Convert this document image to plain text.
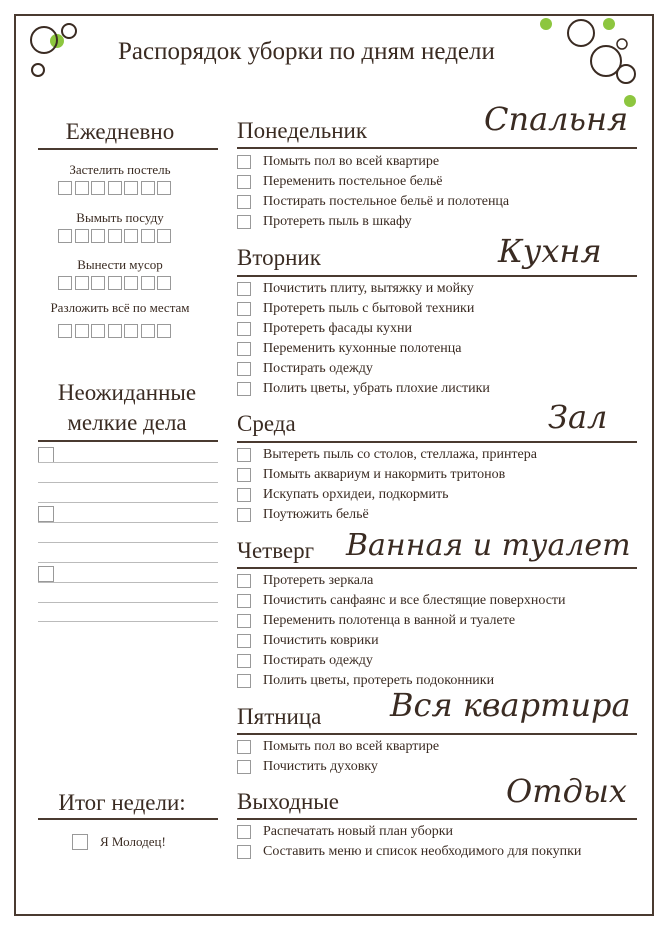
Распорядок уборки по дням недели
Ежедневно
Застелить постель
Вымыть посуду
Вынести мусор
Разложить всё по местам
Неожиданные мелкие дела
Итог недели:
Я Молодец!
Понедельник	Спальня
Помыть пол во всей квартире
Переменить постельное бельё
Постирать постельное бельё и полотенца
Протереть пыль в шкафу
Вторник	Кухня
Почистить плиту, вытяжку и мойку
Протереть пыль с бытовой техники
Протереть фасады кухни
Переменить кухонные полотенца
Постирать одежду
Полить цветы, убрать плохие листики
Среда	Зал
Вытереть пыль со столов, стеллажа, принтера
Помыть аквариум и накормить тритонов
Искупать орхидеи, подкормить
Поутюжить бельё
Четверг Ванная и туалет
Протереть зеркала
Почистить санфаянс и все блестящие поверхности
Переменить полотенца в ванной и туалете
Почистить коврики
Постирать одежду
Полить цветы, протереть подоконники
Пятница Вся квартира
Помыть пол во всей квартире
Почистить духовку
Выходные	Отдых
Распечатать новый план уборки
Составить меню и список необходимого для покупки
